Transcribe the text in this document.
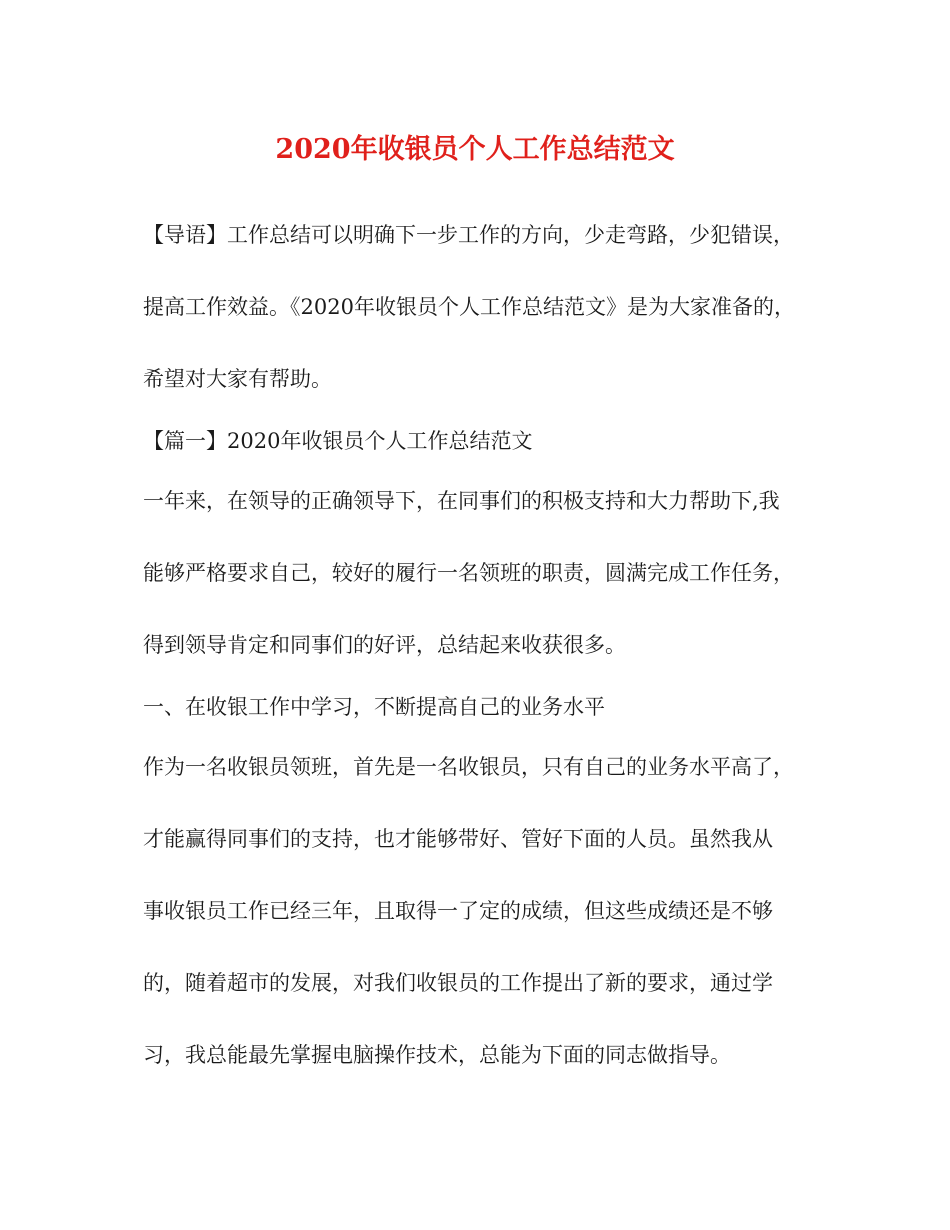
2020年收银员个人工作总结范文
【导语】工作总结可以明确下一步工作的方向，少走弯路，少犯错误，
提高工作效益。《2020年收银员个人工作总结范文》是为大家准备的，
希望对大家有帮助。
【篇一】2020年收银员个人工作总结范文
一年来，在领导的正确领导下，在同事们的积极支持和大力帮助下,我
能够严格要求自己，较好的履行一名领班的职责，圆满完成工作任务，
得到领导肯定和同事们的好评，总结起来收获很多。
一、在收银工作中学习，不断提高自己的业务水平
作为一名收银员领班，首先是一名收银员，只有自己的业务水平高了，
才能赢得同事们的支持，也才能够带好、管好下面的人员。虽然我从
事收银员工作已经三年，且取得一了定的成绩，但这些成绩还是不够
的，随着超市的发展，对我们收银员的工作提出了新的要求，通过学
习，我总能最先掌握电脑操作技术，总能为下面的同志做指导。
